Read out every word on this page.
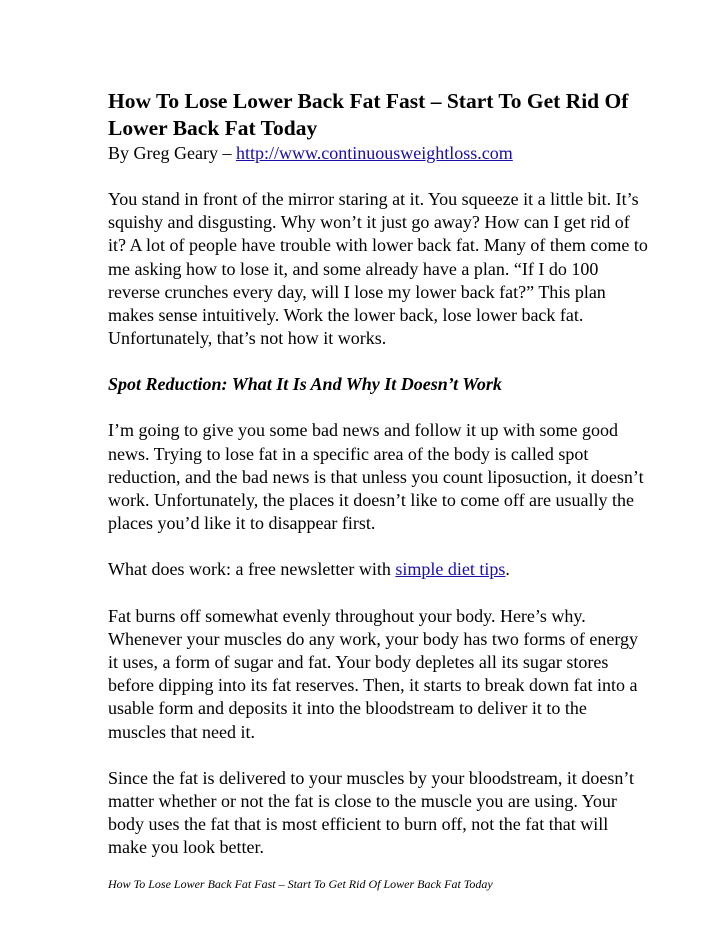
How To Lose Lower Back Fat Fast – Start To Get Rid Of Lower Back Fat Today

By Greg Geary – http://www.continuousweightloss.com

You stand in front of the mirror staring at it. You squeeze it a little bit. It’s squishy and disgusting. Why won’t it just go away? How can I get rid of it? A lot of people have trouble with lower back fat. Many of them come to me asking how to lose it, and some already have a plan. “If I do 100 reverse crunches every day, will I lose my lower back fat?” This plan makes sense intuitively. Work the lower back, lose lower back fat. Unfortunately, that’s not how it works.

Spot Reduction: What It Is And Why It Doesn’t Work

I’m going to give you some bad news and follow it up with some good news. Trying to lose fat in a specific area of the body is called spot reduction, and the bad news is that unless you count liposuction, it doesn’t work. Unfortunately, the places it doesn’t like to come off are usually the places you’d like it to disappear first.

What does work: a free newsletter with simple diet tips.

Fat burns off somewhat evenly throughout your body. Here’s why. Whenever your muscles do any work, your body has two forms of energy it uses, a form of sugar and fat. Your body depletes all its sugar stores before dipping into its fat reserves. Then, it starts to break down fat into a usable form and deposits it into the bloodstream to deliver it to the muscles that need it.

Since the fat is delivered to your muscles by your bloodstream, it doesn’t matter whether or not the fat is close to the muscle you are using. Your body uses the fat that is most efficient to burn off, not the fat that will make you look better.

How To Lose Lower Back Fat Fast – Start To Get Rid Of Lower Back Fat Today
